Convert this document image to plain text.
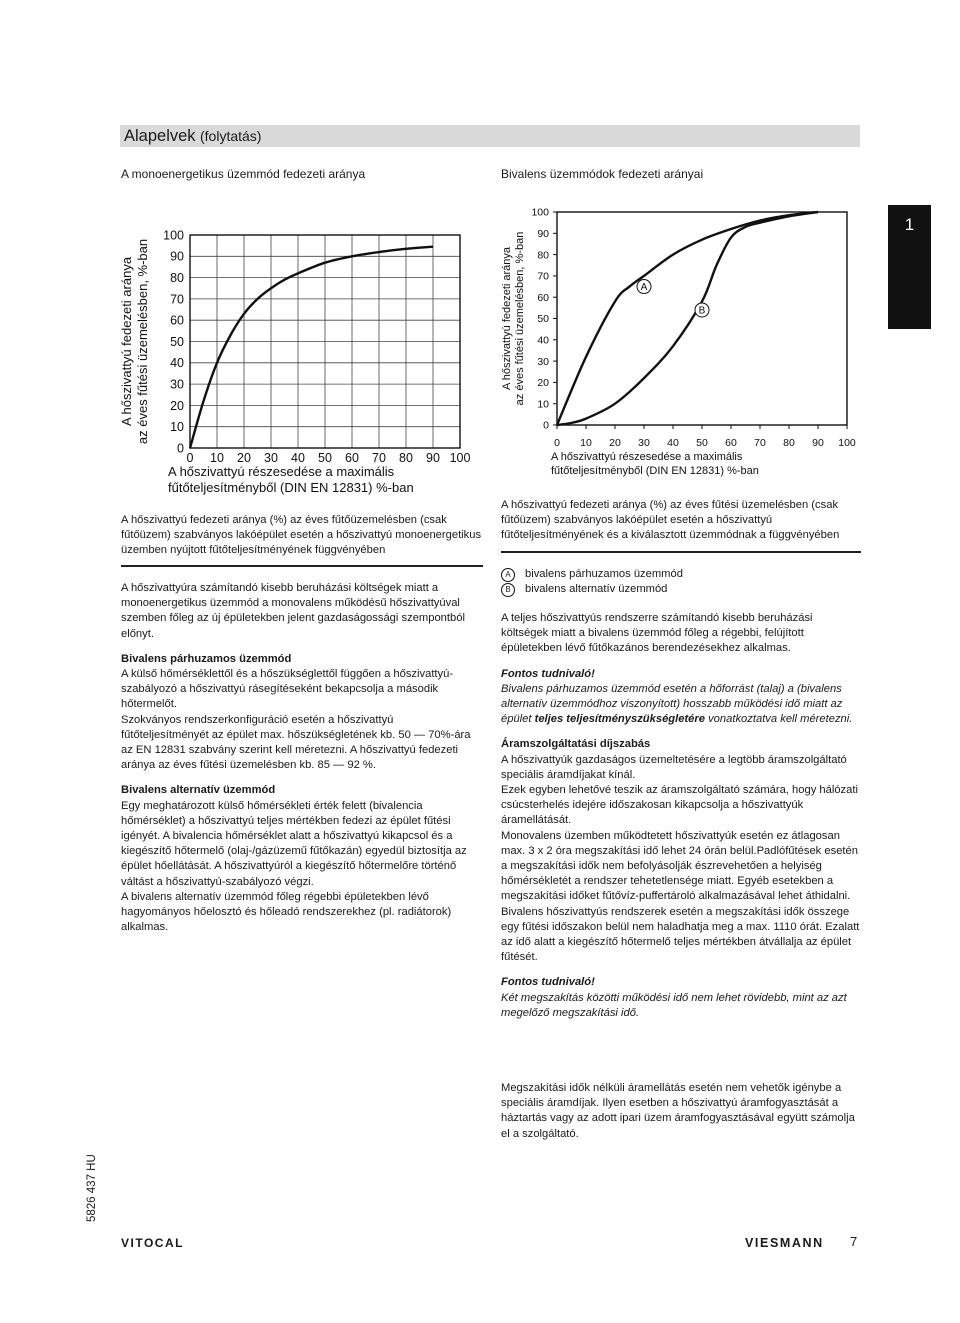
Alapelvek (folytatás)
A monoenergetikus üzemmód fedezeti aránya	Bivalens üzemmódok fedezeti arányai
1
0 10 20 30 40 50 60 70 80 90 100
0
10
20
30
40
50
60
70
80
90
100
A hőszivattyú részesedése a maximális
fűtőteljesítményből (DIN EN 12831) %-ban
A hőszivattyú fedezeti aránya az éves fűtési üzemelésben, %-ban	0 10 20 30 40 50 60 70 80 90 100
0
10
20
30
40
50
60
70
80
90
100
A hőszivattyú részesedése a maximális
fűtőteljesítményből (DIN EN 12831) %-ban
A hőszivattyú fedezeti aránya az éves fűtési üzemelésben, %-ban	A
B
A hőszivattyú fedezeti aránya (%) az éves fűtőüzemelésben (csak fűtőüzem) szabványos lakóépület esetén a hőszivattyú monoenergetikus üzemben nyújtott fűtőteljesítményének függvényében

A hőszivattyúra számítandó kisebb beruházási költségek miatt a monoenergetikus üzemmód a monovalens működésű hőszivattyúval szemben főleg az új épületekben jelent gazdaságossági szempontból előnyt.

Bivalens párhuzamos üzemmód

A külső hőmérséklettől és a hőszükséglettől függően a hőszivattyú-szabályozó a hőszivattyú rásegítéseként bekapcsolja a második hőtermelőt.

Szokványos rendszerkonfiguráció esetén a hőszivattyú fűtőteljesítményét az épület max. hőszükségletének kb. 50 — 70%-ára az EN 12831 szabvány szerint kell méretezni. A hőszivattyú fedezeti aránya az éves fűtési üzemelésben kb. 85 — 92 %.

Bivalens alternatív üzemmód

Egy meghatározott külső hőmérsékleti érték felett (bivalencia hőmérséklet) a hőszivattyú teljes mértékben fedezi az épület fűtési igényét. A bivalencia hőmérséklet alatt a hőszivattyú kikapcsol és a kiegészítő hőtermelő (olaj-/gázüzemű fűtőkazán) egyedül biztosítja az épület hőellátását. A hőszivattyúról a kiegészítő hőtermelőre történő váltást a hőszivattyú-szabályozó végzi.

A bivalens alternatív üzemmód főleg régebbi épületekben lévő hagyományos hőelosztó és hőleadó rendszerekhez (pl. radiátorok) alkalmas.

A hőszivattyú fedezeti aránya (%) az éves fűtési üzemelésben (csak fűtőüzem) szabványos lakóépület esetén a hőszivattyú fűtőteljesítményének és a kiválasztott üzemmódnak a függvényében
A	bivalens párhuzamos üzemmód
B	bivalens alternatív üzemmód

A teljes hőszivattyús rendszerre számítandó kisebb beruházási költségek miatt a bivalens üzemmód főleg a régebbi, felújított épületekben lévő fűtőkazános berendezésekhez alkalmas.

Fontos tudnivaló!

Bivalens párhuzamos üzemmód esetén a hőforrást (talaj) a (bivalens alternatív üzemmódhoz viszonyított) hosszabb működési idő miatt az épület teljes teljesítményszükségletére vonatkoztatva kell méretezni.

Áramszolgáltatási díjszabás

A hőszivattyúk gazdaságos üzemeltetésére a legtöbb áramszolgáltató speciális áramdíjakat kínál.

Ezek egyben lehetővé teszik az áramszolgáltató számára, hogy hálózati csúcsterhelés idejére időszakosan kikapcsolja a hőszivattyúk áramellátását.

Monovalens üzemben működtetett hőszivattyúk esetén ez átlagosan max. 3 x 2 óra megszakítási idő lehet 24 órán belül.Padlófűtések esetén a megszakítási idők nem befolyásolják észrevehetően a helyiség hőmérsékletét a rendszer tehetetlensége miatt. Egyéb esetekben a megszakítási időket fűtővíz-puffertároló alkalmazásával lehet áthidalni.

Bivalens hőszivattyús rendszerek esetén a megszakítási idők összege egy fűtési időszakon belül nem haladhatja meg a max. 1110 órát. Ezalatt az idő alatt a kiegészítő hőtermelő teljes mértékben átvállalja az épület fűtését.

Fontos tudnivaló!

Két megszakítás közötti működési idő nem lehet rövidebb, mint az azt megelőző megszakítási idő.

Megszakítási idők nélküli áramellátás esetén nem vehetők igénybe a speciális áramdíjak. Ilyen esetben a hőszivattyú áramfogyasztását a háztartás vagy az adott ipari üzem áramfogyasztásával együtt számolja el a szolgáltató.
5826 437 HU
VITOCAL	VIESMANN 7
